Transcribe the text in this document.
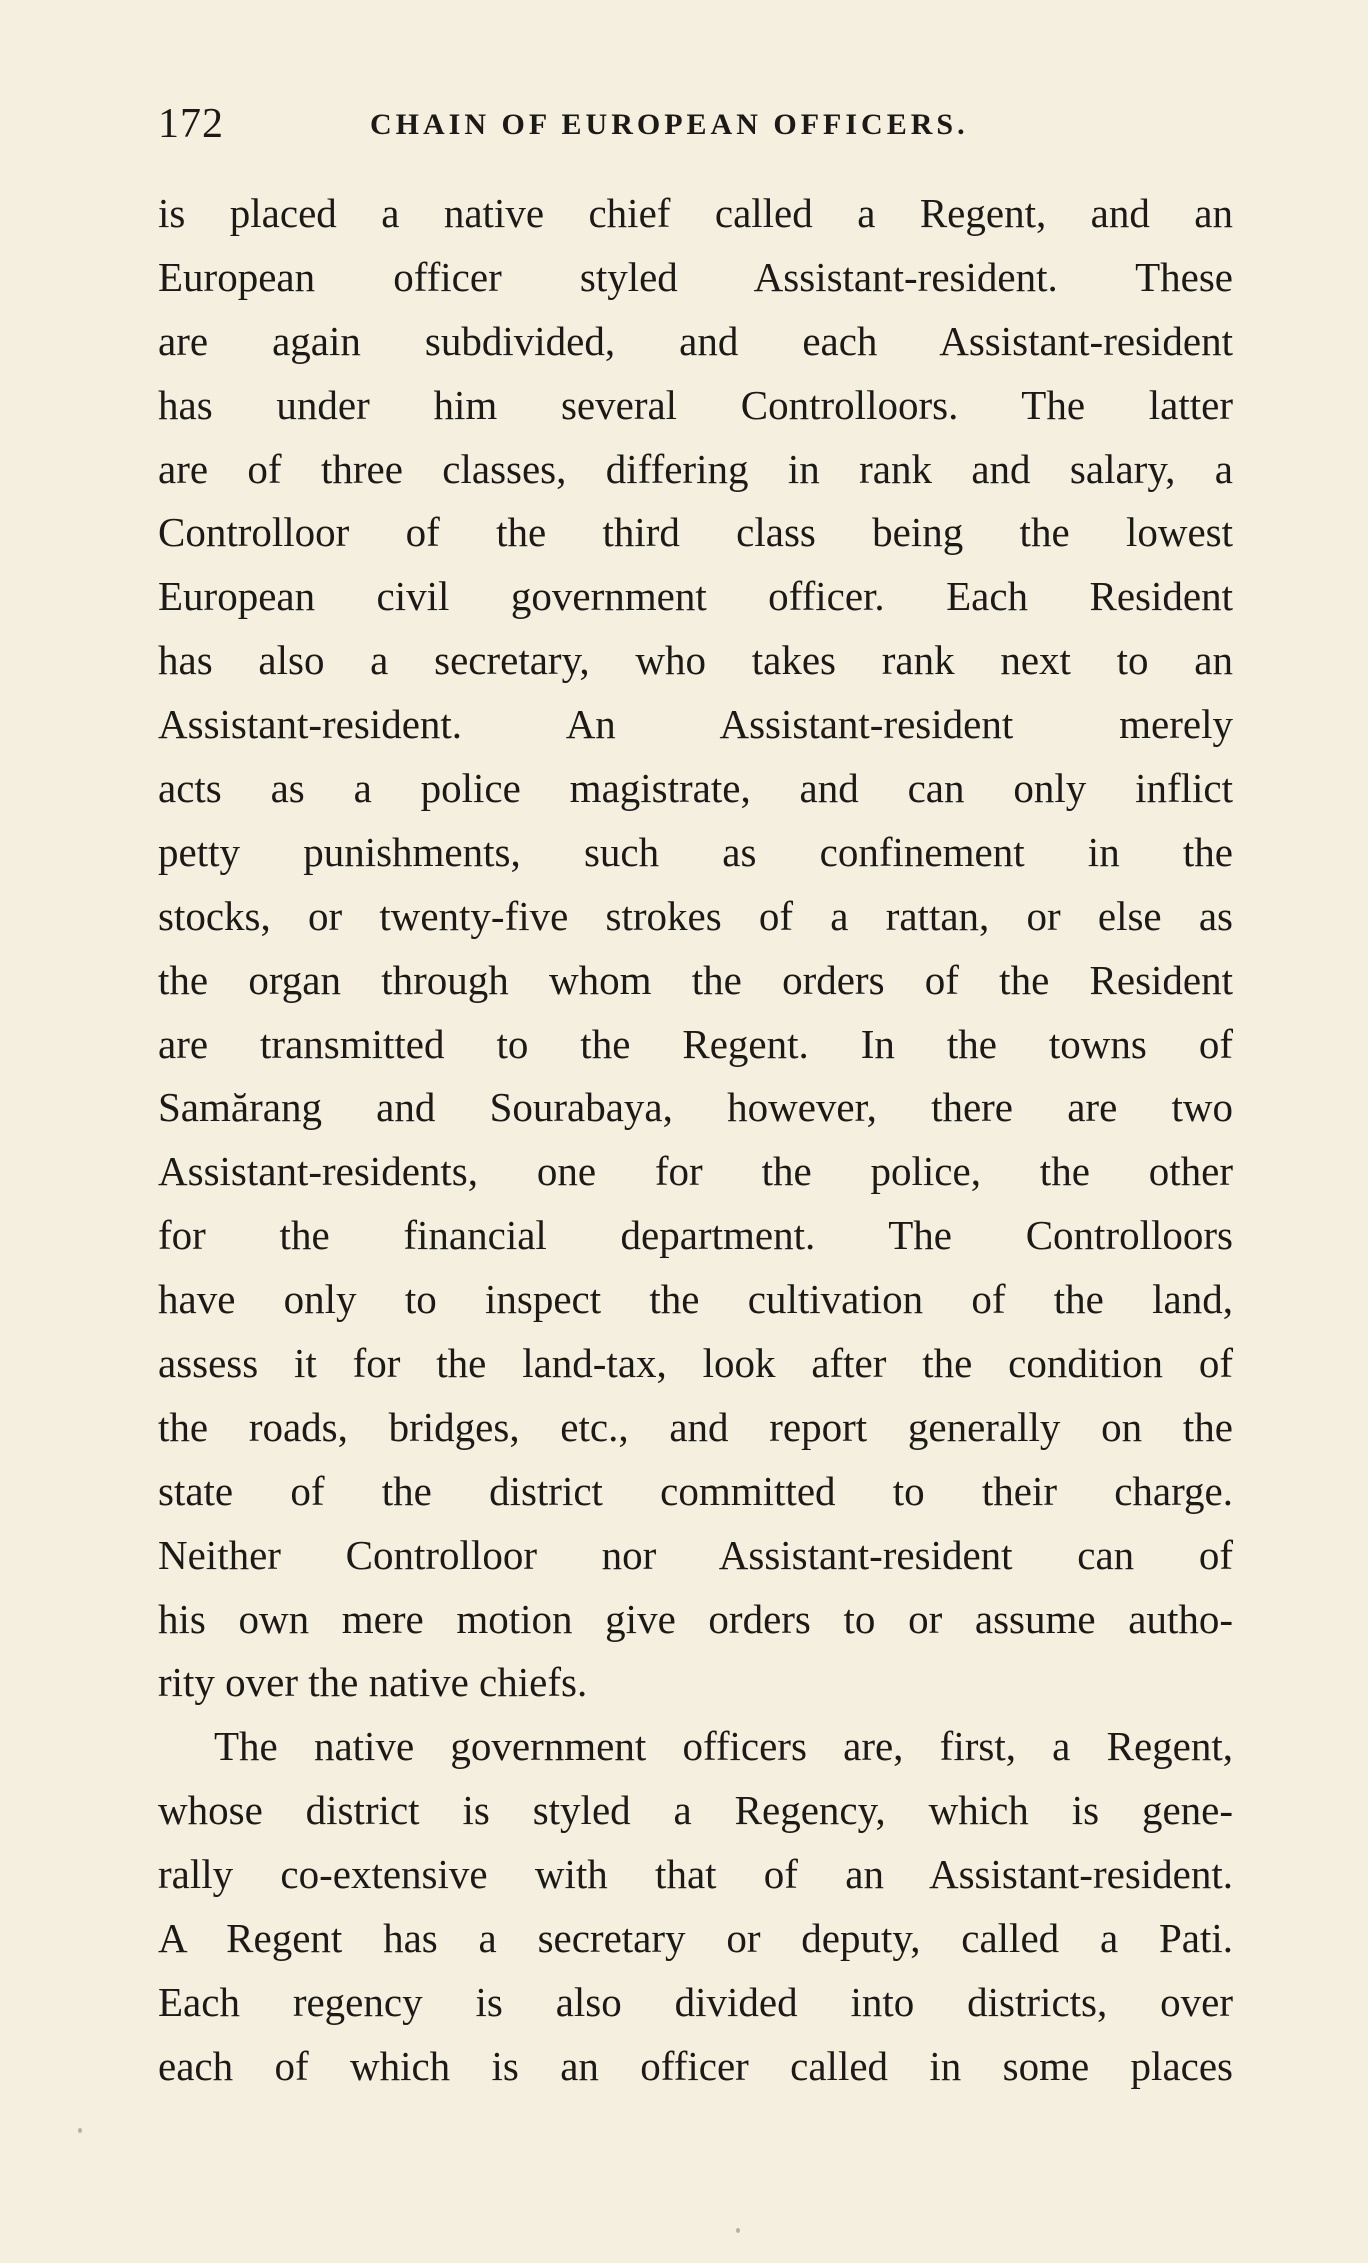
172	CHAIN OF EUROPEAN OFFICERS.
is placed a native chief called a Regent, and an
European officer styled Assistant-resident. These
are again subdivided, and each Assistant-resident
has under him several Controlloors. The latter
are of three classes, differing in rank and salary, a
Controlloor of the third class being the lowest
European civil government officer. Each Resident
has also a secretary, who takes rank next to an
Assistant-resident. An Assistant-resident merely
acts as a police magistrate, and can only inflict
petty punishments, such as confinement in the
stocks, or twenty-five strokes of a rattan, or else as
the organ through whom the orders of the Resident
are transmitted to the Regent. In the towns of
Samărang and Sourabaya, however, there are two
Assistant-residents, one for the police, the other
for the financial department. The Controlloors
have only to inspect the cultivation of the land,
assess it for the land-tax, look after the condition of
the roads, bridges, etc., and report generally on the
state of the district committed to their charge.
Neither Controlloor nor Assistant-resident can of
his own mere motion give orders to or assume autho-
rity over the native chiefs.
The native government officers are, first, a Regent,
whose district is styled a Regency, which is gene-
rally co-extensive with that of an Assistant-resident.
A Regent has a secretary or deputy, called a Pati.
Each regency is also divided into districts, over
each of which is an officer called in some places
